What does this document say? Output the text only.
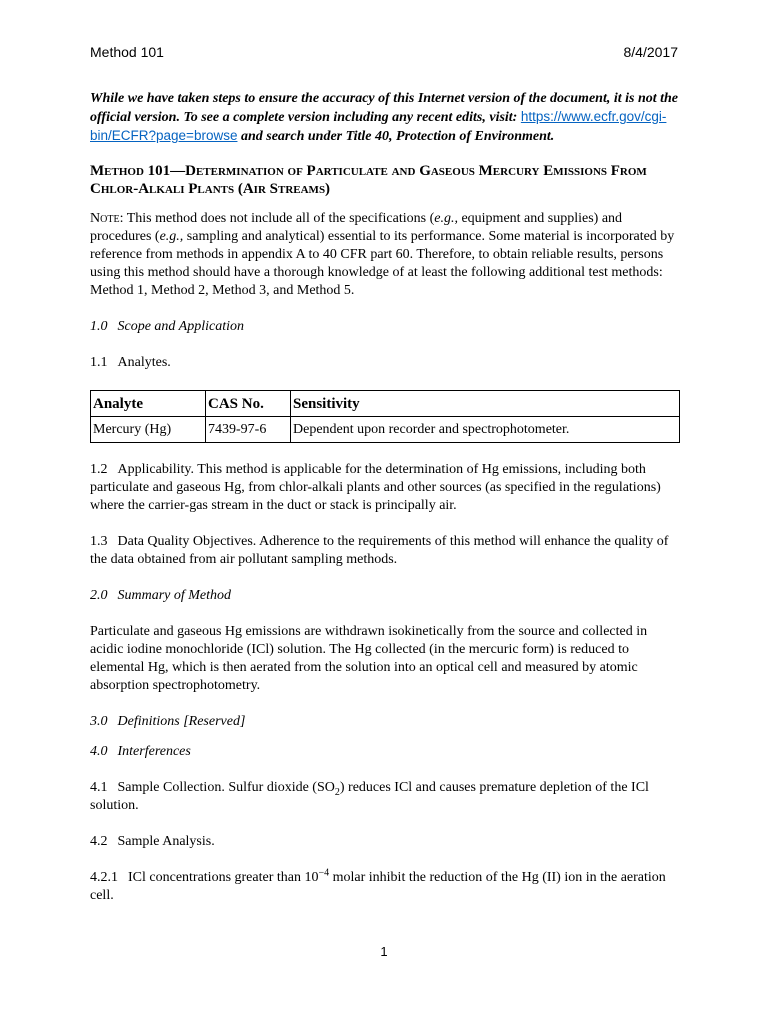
Method 101	8/4/2017

While we have taken steps to ensure the accuracy of this Internet version of the document, it is not the official version. To see a complete version including any recent edits, visit: https://www.ecfr.gov/cgi-bin/ECFR?page=browse and search under Title 40, Protection of Environment.

Method 101—Determination of Particulate and Gaseous Mercury Emissions From Chlor-Alkali Plants (Air Streams)

Note: This method does not include all of the specifications (e.g., equipment and supplies) and procedures (e.g., sampling and analytical) essential to its performance. Some material is incorporated by reference from methods in appendix A to 40 CFR part 60. Therefore, to obtain reliable results, persons using this method should have a thorough knowledge of at least the following additional test methods: Method 1, Method 2, Method 3, and Method 5.

1.0 Scope and Application

1.1 Analytes.

Analyte	CAS No.	Sensitivity
Mercury (Hg)	7439-97-6	Dependent upon recorder and spectrophotometer.

1.2 Applicability. This method is applicable for the determination of Hg emissions, including both particulate and gaseous Hg, from chlor-alkali plants and other sources (as specified in the regulations) where the carrier-gas stream in the duct or stack is principally air.

1.3 Data Quality Objectives. Adherence to the requirements of this method will enhance the quality of the data obtained from air pollutant sampling methods.

2.0 Summary of Method

Particulate and gaseous Hg emissions are withdrawn isokinetically from the source and collected in acidic iodine monochloride (ICl) solution. The Hg collected (in the mercuric form) is reduced to elemental Hg, which is then aerated from the solution into an optical cell and measured by atomic absorption spectrophotometry.

3.0 Definitions [Reserved]

4.0 Interferences

4.1 Sample Collection. Sulfur dioxide $(SO_2)$ reduces ICl and causes premature depletion of the ICl solution.

4.2 Sample Analysis.

4.2.1 ICl concentrations greater than $10^{-4}$ molar inhibit the reduction of the Hg (II) ion in the aeration cell.

1
